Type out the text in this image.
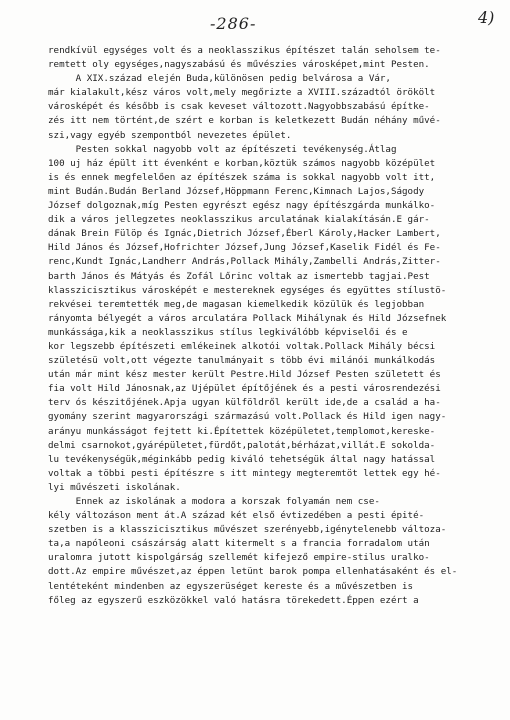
-286-	4)
rendkívül egységes volt és a neoklasszikus építészet talán seholsem te-
remtett oly egységes,nagyszabású és művészies városképet,mint Pesten.
A XIX.század elején Buda,különösen pedig belvárosa a Vár,
már kialakult,kész város volt,mely megőrizte a XVIII.századtól örökölt
városképét és később is csak keveset változott.Nagyobbszabású építke-
zés itt nem történt,de szért e korban is keletkezett Budán néhány művé-
szi,vagy egyéb szempontból nevezetes épület.
Pesten sokkal nagyobb volt az építészeti tevékenység.Átlag
100 uj ház épült itt évenként e korban,köztük számos nagyobb középület
is és ennek megfelelően az építészek száma is sokkal nagyobb volt itt,
mint Budán.Budán Berland József,Höppmann Ferenc,Kimnach Lajos,Ságody
József dolgoznak,míg Pesten egyrészt egész nagy építészgárda munkálko-
dik a város jellegzetes neoklasszikus arculatának kialakításán.E gár-
dának Brein Fülöp és Ignác,Dietrich József,Éberl Károly,Hacker Lambert,
Hild János és József,Hofrichter József,Jung József,Kaselik Fidél és Fe-
renc,Kundt Ignác,Landherr András,Pollack Mihály,Zambelli András,Zitter-
barth János és Mátyás és Zofál Lőrinc voltak az ismertebb tagjai.Pest
klasszicisztikus városképét e mestereknek egységes és együttes stílustö-
rekvései teremtették meg,de magasan kiemelkedik közülük és legjobban
rányomta bélyegét a város arculatára Pollack Mihálynak és Hild Józsefnek
munkássága,kik a neoklasszikus stílus legkiválóbb képviselői és e
kor legszebb építészeti emlékeinek alkotói voltak.Pollack Mihály bécsi
születésü volt,ott végezte tanulmányait s több évi milánói munkálkodás
után már mint kész mester került Pestre.Hild József Pesten született és
fia volt Hild Jánosnak,az Ujépület építőjének és a pesti városrendezési
terv ós készitőjének.Apja ugyan külföldről került ide,de a család a ha-
gyomány szerint magyarországi származású volt.Pollack és Hild igen nagy-
arányu munkásságot fejtett ki.Építettek középületet,templomot,kereske-
delmi csarnokot,gyárépületet,fürdőt,palotát,bérházat,villát.E sokolda-
lu tevékenységük,méginkább pedig kiváló tehetségük által nagy hatással
voltak a többi pesti építészre s itt mintegy megteremtöt lettek egy hé-
lyi művészeti iskolának.
Ennek az iskolának a modora a korszak folyamán nem cse-
kély változáson ment át.A század két első évtizedében a pesti épité-
szetben is a klasszicisztikus művészet szerényebb,igénytelenebb változa-
ta,a napóleoni császárság alatt kitermelt s a francia forradalom után
uralomra jutott kispolgárság szellemét kifejező empire-stilus uralko-
dott.Az empire művészet,az éppen letünt barok pompa ellenhatásaként és el-
lentéteként mindenben az egyszerüséget kereste és a művészetben is
főleg az egyszerű eszközökkel való hatásra törekedett.Éppen ezért a
